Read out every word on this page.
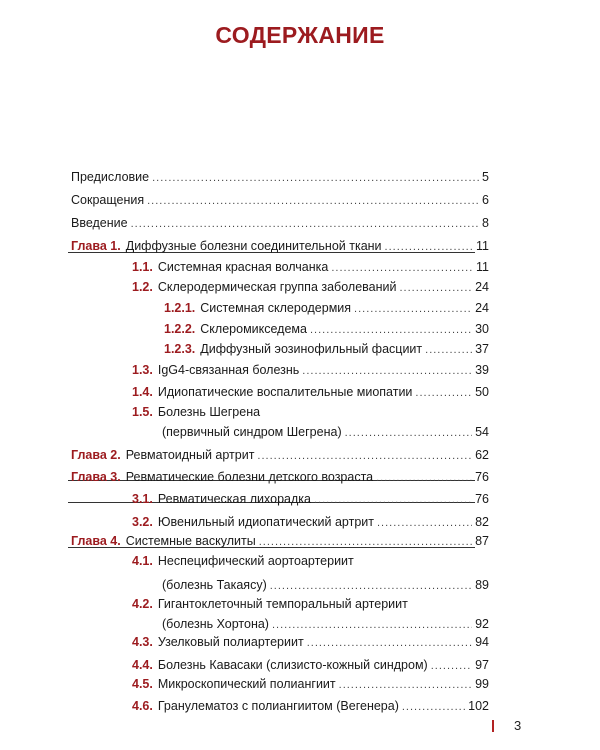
СОДЕРЖАНИЕ
Предисловие .....	5
Сокращения .....	6
Введение .....	8
Глава 1. Диффузные болезни соединительной ткани .....	11
1.1. Системная красная волчанка .....	11
1.2. Склеродермическая группа заболеваний .....	24
1.2.1. Системная склеродермия .....	24
1.2.2. Склеромикседема .....	30
1.2.3. Диффузный эозинофильный фасциит .....	37
1.3. IgG4-связанная болезнь .....	39
1.4. Идиопатические воспалительные миопатии .....	50
1.5. Болезнь Шегрена
(первичный синдром Шегрена) .....	54
Глава 2. Ревматоидный артрит .....	62
Глава 3. Ревматические болезни детского возраста .....	76
3.1. Ревматическая лихорадка .....	76
3.2. Ювенильный идиопатический артрит .....	82
Глава 4. Системные васкулиты .....	87
4.1. Неспецифический аортоартериит
(болезнь Такаясу) .....	89
4.2. Гигантоклеточный темпоральный артериит
(болезнь Хортона) .....	92
4.3. Узелковый полиартериит .....	94
4.4. Болезнь Кавасаки (слизисто-кожный синдром) .....	97
4.5. Микроскопический полиангиит .....	99
4.6. Гранулематоз с полиангиитом (Вегенера) .....	102
3
